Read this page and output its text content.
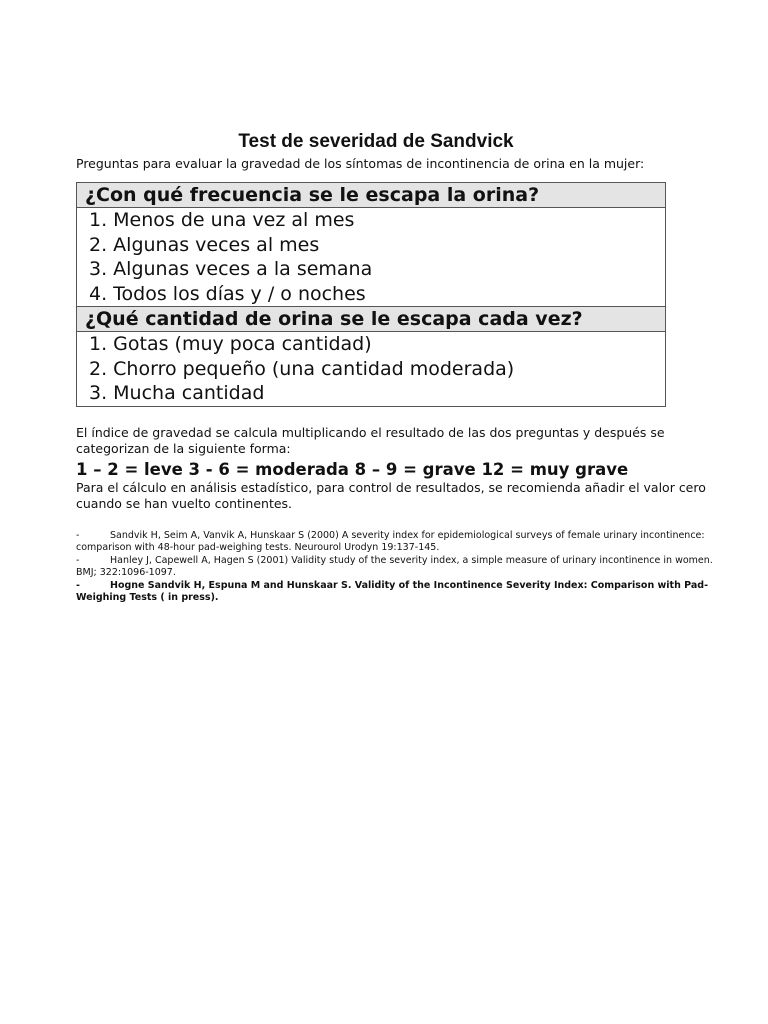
Test de severidad de Sandvick

Preguntas para evaluar la gravedad de los síntomas de incontinencia de orina en la mujer:

¿Con qué frecuencia se le escapa la orina?
1. Menos de una vez al mes
2. Algunas veces al mes
3. Algunas veces a la semana
4. Todos los días y / o noches
¿Qué cantidad de orina se le escapa cada vez?
1. Gotas (muy poca cantidad)
2. Chorro pequeño (una cantidad moderada)
3. Mucha cantidad

El índice de gravedad se calcula multiplicando el resultado de las dos preguntas y después se categorizan de la siguiente forma:

1 – 2 = leve 3 - 6 = moderada 8 – 9 = grave 12 = muy grave

Para el cálculo en análisis estadístico, para control de resultados, se recomienda añadir el valor cero cuando se han vuelto continentes.

-	Sandvik H, Seim A, Vanvik A, Hunskaar S (2000) A severity index for epidemiological surveys of female urinary incontinence: comparison with 48-hour pad-weighing tests. Neurourol Urodyn 19:137-145.

-	Hanley J, Capewell A, Hagen S (2001) Validity study of the severity index, a simple measure of urinary incontinence in women. BMJ; 322:1096-1097.

-	Hogne Sandvik H, Espuna M and Hunskaar S. Validity of the Incontinence Severity Index: Comparison with Pad-Weighing Tests ( in press).
